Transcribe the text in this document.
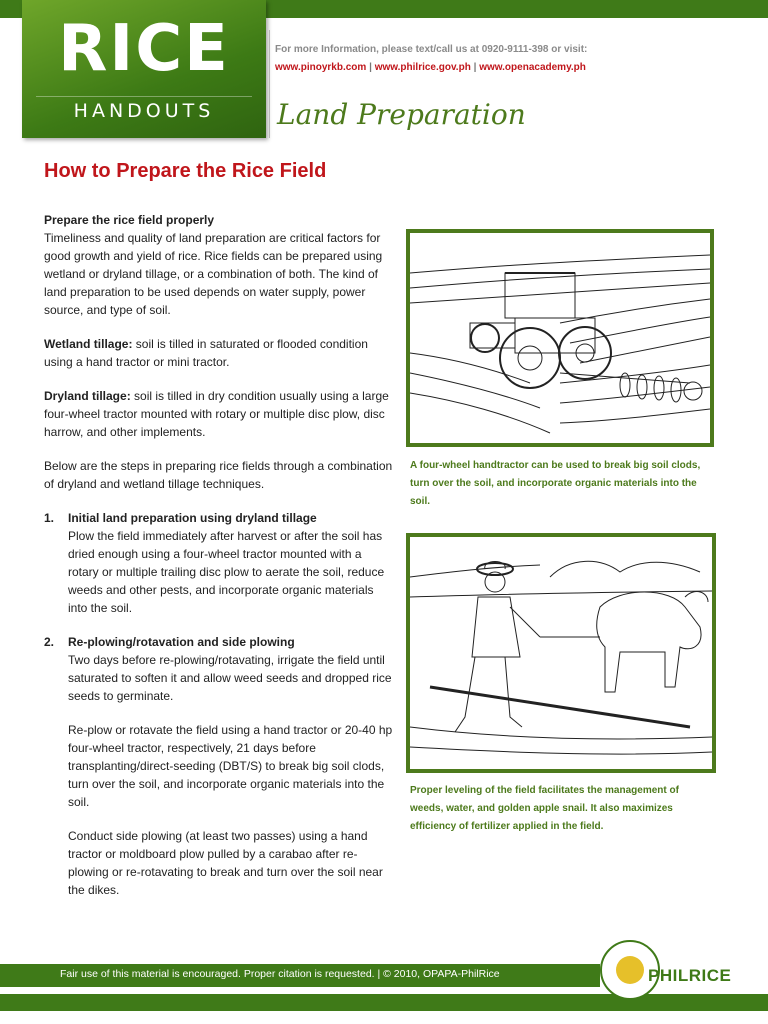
RICE
HANDOUTS
For more Information, please text/call us at 0920-9111-398 or visit:
www.pinoyrkb.com | www.philrice.gov.ph | www.openacademy.ph
Land Preparation
How to Prepare the Rice Field

Prepare the rice field properly

Timeliness and quality of land preparation are critical factors for good growth and yield of rice. Rice fields can be prepared using wetland or dryland tillage, or a combination of both. The kind of land preparation to be used depends on water supply, power source, and type of soil.

Wetland tillage: soil is tilled in saturated or flooded condition using a hand tractor or mini tractor.

Dryland tillage: soil is tilled in dry condition usually using a large four-wheel tractor mounted with rotary or multiple disc plow, disc harrow, and other implements.

Below are the steps in preparing rice fields through a combination of dryland and wetland tillage techniques.

1.	Initial land preparation using dryland tillage

Plow the field immediately after harvest or after the soil has dried enough using a four-wheel tractor mounted with a rotary or multiple trailing disc plow to aerate the soil, reduce weeds and other pests, and incorporate organic materials into the soil.

2.	Re-plowing/rotavation and side plowing

Two days before re-plowing/rotavating, irrigate the field until saturated to soften it and allow weed seeds and dropped rice seeds to germinate.

Re-plow or rotavate the field using a hand tractor or 20-40 hp four-wheel tractor, respectively, 21 days before transplanting/direct-seeding (DBT/S) to break big soil clods, turn over the soil, and incorporate organic materials into the soil.

Conduct side plowing (at least two passes) using a hand tractor or moldboard plow pulled by a carabao after re-plowing or re-rotavating to break and turn over the soil near the dikes.

A four-wheel handtractor can be used to break big soil clods, turn over the soil, and incorporate organic materials into the soil.
Proper leveling of the field facilitates the management of weeds, water, and golden apple snail. It also maximizes efficiency of fertilizer applied in the field.
Fair use of this material is encouraged. Proper citation is requested. | © 2010, OPAPA-PhilRice	PHILRICE
